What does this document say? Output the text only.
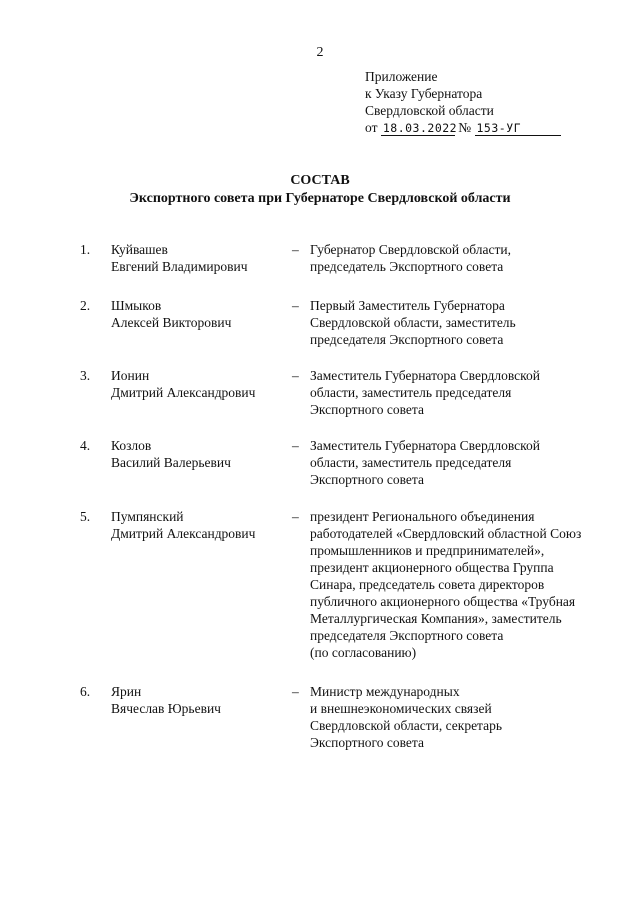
2
Приложение
к Указу Губернатора
Свердловской области
от 18.03.2022 № 153-УГ
СОСТАВ
Экспортного совета при Губернаторе Свердловской области
1. Куйвашев
Евгений Владимирович
– Губернатор Свердловской области,
председатель Экспортного совета
2. Шмыков
Алексей Викторович
– Первый Заместитель Губернатора
Свердловской области, заместитель
председателя Экспортного совета
3. Ионин
Дмитрий Александрович
– Заместитель Губернатора Свердловской
области, заместитель председателя
Экспортного совета
4. Козлов
Василий Валерьевич
– Заместитель Губернатора Свердловской
области, заместитель председателя
Экспортного совета
5. Пумпянский
Дмитрий Александрович
– президент Регионального объединения
работодателей «Свердловский областной Союз
промышленников и предпринимателей»,
президент акционерного общества Группа
Синара, председатель совета директоров
публичного акционерного общества «Трубная
Металлургическая Компания», заместитель
председателя Экспортного совета
(по согласованию)
6. Ярин
Вячеслав Юрьевич
– Министр международных
и внешнеэкономических связей
Свердловской области, секретарь
Экспортного совета
